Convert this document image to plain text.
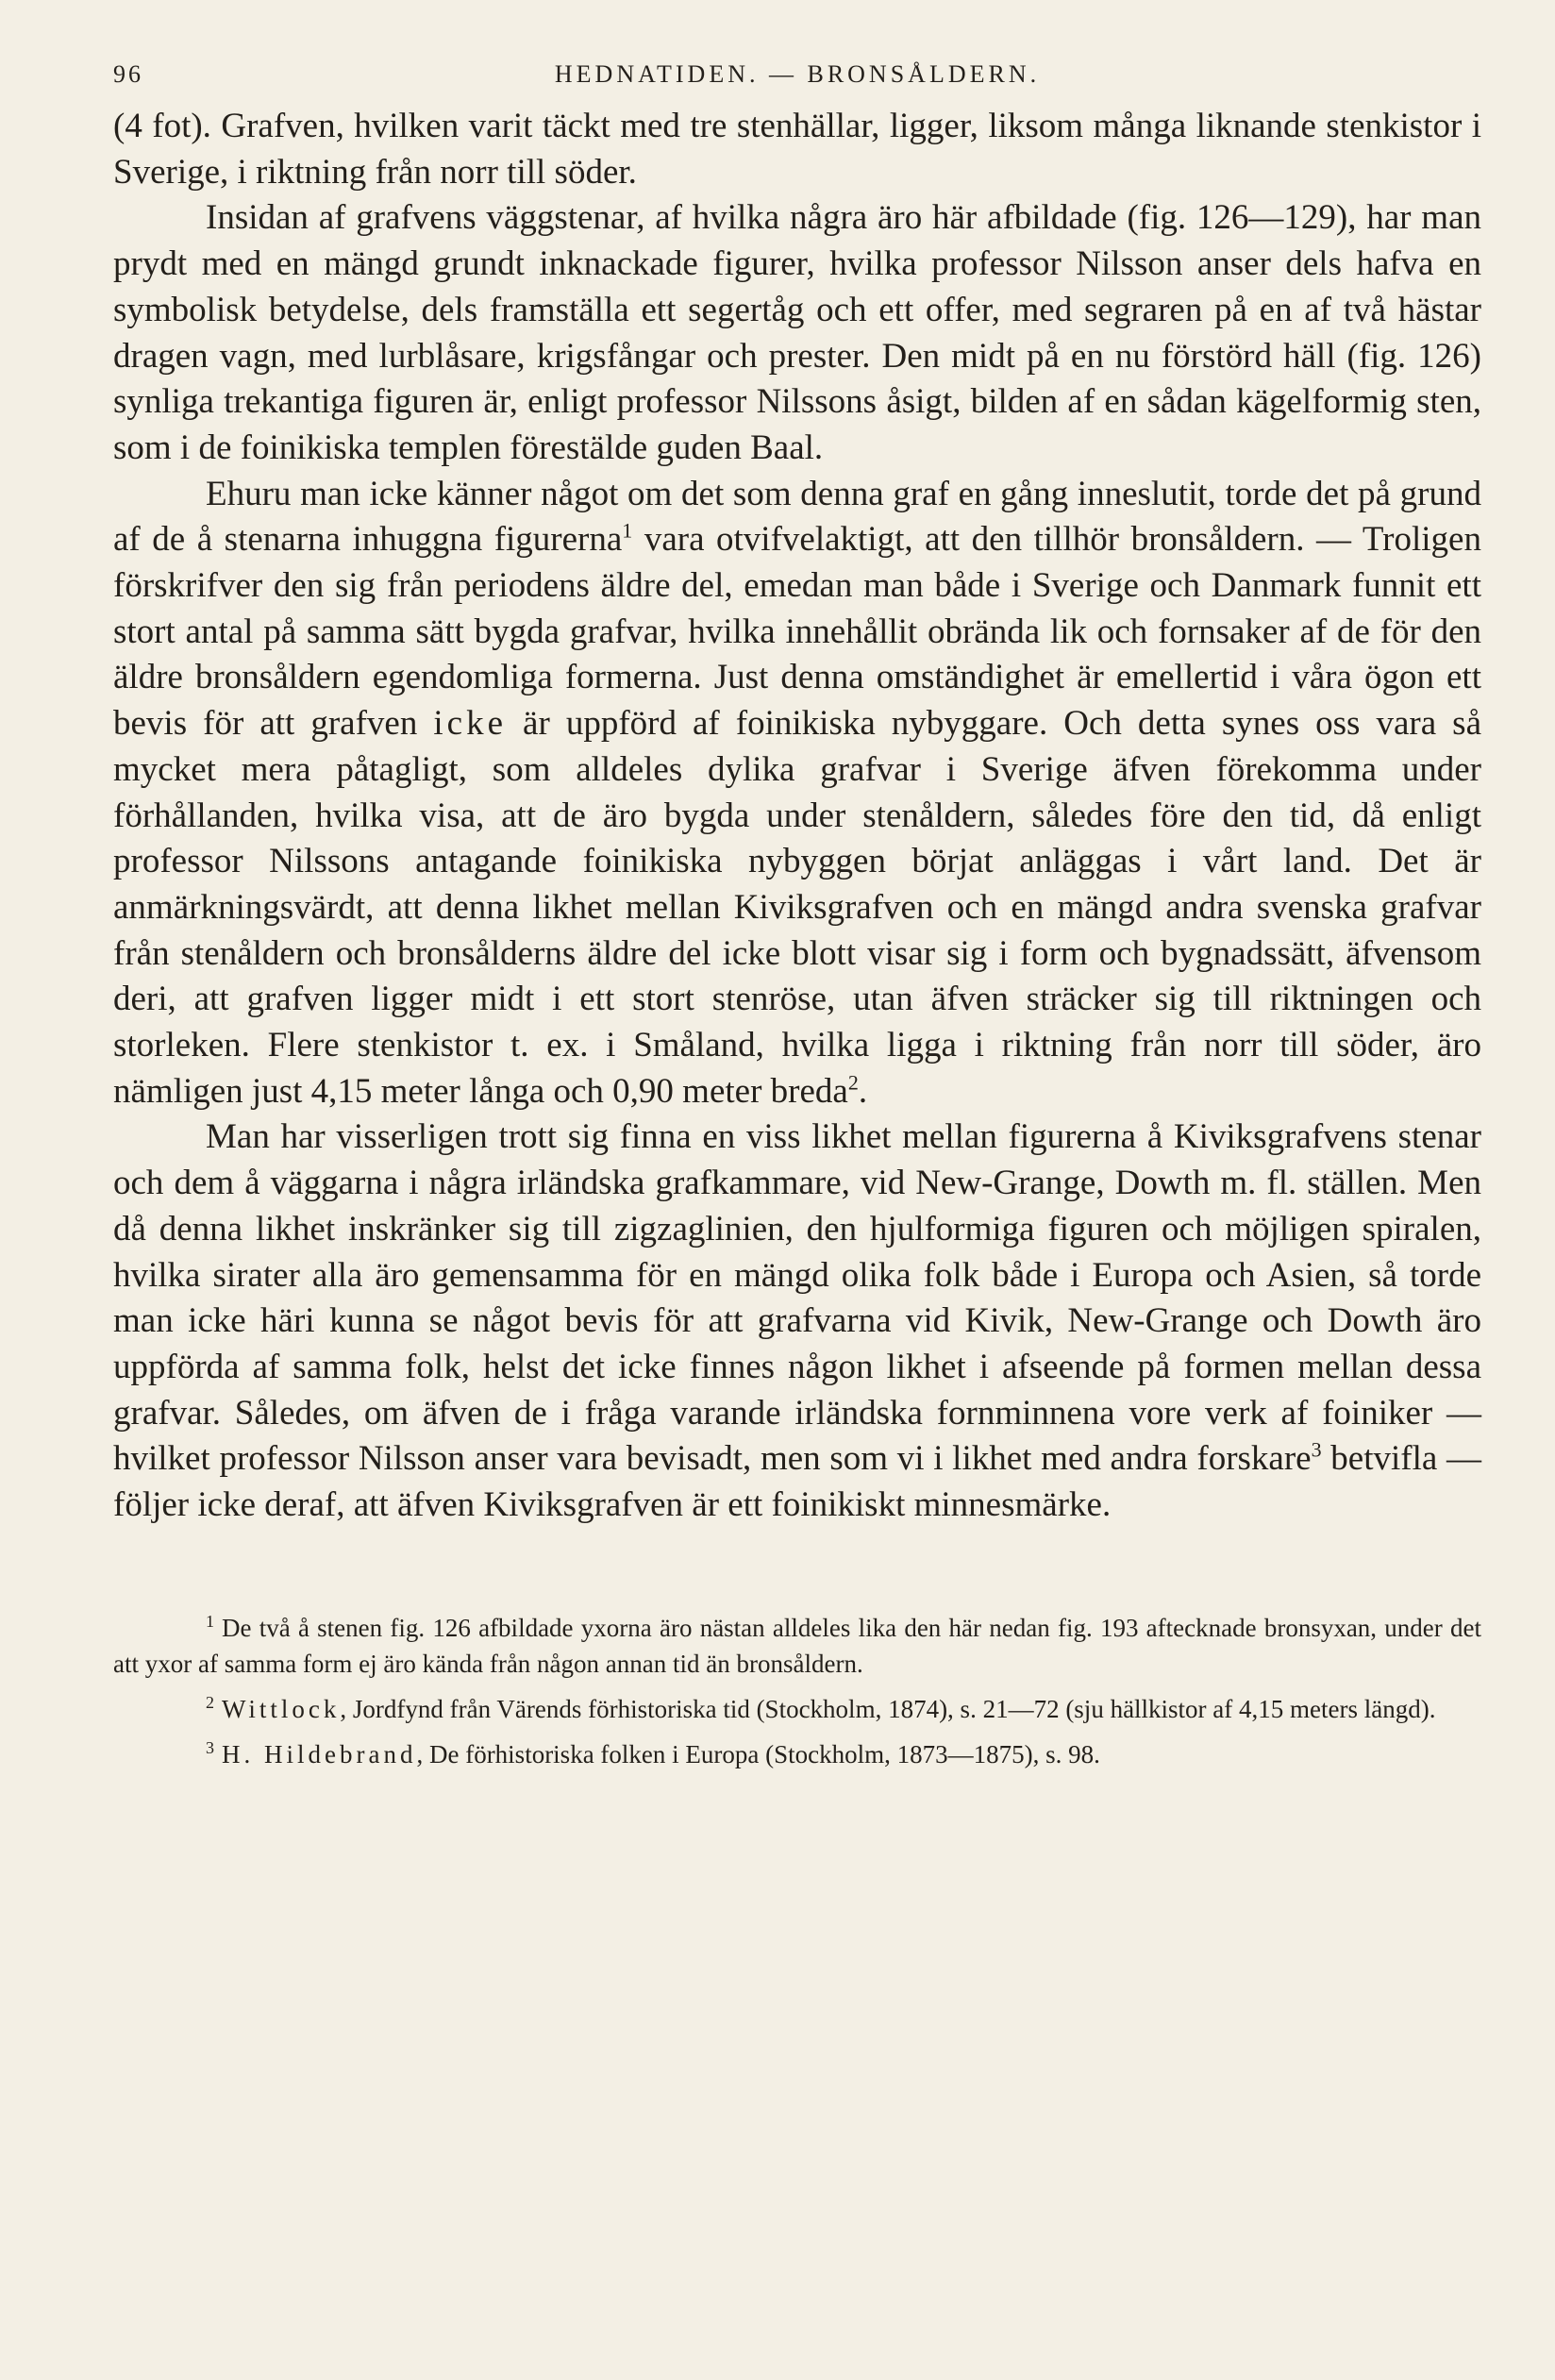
96	HEDNATIDEN. — BRONSÅLDERN.

(4 fot). Grafven, hvilken varit täckt med tre stenhällar, ligger, liksom många liknande stenkistor i Sverige, i riktning från norr till söder.

Insidan af grafvens väggstenar, af hvilka några äro här afbildade (fig. 126—129), har man prydt med en mängd grundt inknackade figurer, hvilka professor Nilsson anser dels hafva en symbolisk betydelse, dels framställa ett segertåg och ett offer, med segraren på en af två hästar dragen vagn, med lurblåsare, krigsfångar och prester. Den midt på en nu förstörd häll (fig. 126) synliga trekantiga figuren är, enligt professor Nilssons åsigt, bilden af en sådan kägelformig sten, som i de foinikiska templen förestälde guden Baal.

Ehuru man icke känner något om det som denna graf en gång inneslutit, torde det på grund af de å stenarna inhuggna figurerna$^1$ vara otvifvelaktigt, att den tillhör bronsåldern. — Troligen förskrifver den sig från periodens äldre del, emedan man både i Sverige och Danmark funnit ett stort antal på samma sätt bygda grafvar, hvilka innehållit obrända lik och fornsaker af de för den äldre bronsåldern egendomliga formerna. Just denna omständighet är emellertid i våra ögon ett bevis för att grafven icke är uppförd af foinikiska nybyggare. Och detta synes oss vara så mycket mera påtagligt, som alldeles dylika grafvar i Sverige äfven förekomma under förhållanden, hvilka visa, att de äro bygda under stenåldern, således före den tid, då enligt professor Nilssons antagande foinikiska nybyggen börjat anläggas i vårt land. Det är anmärkningsvärdt, att denna likhet mellan Kiviksgrafven och en mängd andra svenska grafvar från stenåldern och bronsålderns äldre del icke blott visar sig i form och bygnadssätt, äfvensom deri, att grafven ligger midt i ett stort stenröse, utan äfven sträcker sig till riktningen och storleken. Flere stenkistor t. ex. i Småland, hvilka ligga i riktning från norr till söder, äro nämligen just 4,15 meter långa och 0,90 meter breda$^2$.

Man har visserligen trott sig finna en viss likhet mellan figurerna å Kiviksgrafvens stenar och dem å väggarna i några irländska grafkammare, vid New-Grange, Dowth m. fl. ställen. Men då denna likhet inskränker sig till zigzaglinien, den hjulformiga figuren och möjligen spiralen, hvilka sirater alla äro gemensamma för en mängd olika folk både i Europa och Asien, så torde man icke häri kunna se något bevis för att grafvarna vid Kivik, New-Grange och Dowth äro uppförda af samma folk, helst det icke finnes någon likhet i afseende på formen mellan dessa grafvar. Således, om äfven de i fråga varande irländska fornminnena vore verk af foiniker — hvilket professor Nilsson anser vara bevisadt, men som vi i likhet med andra forskare$^3$ betvifla — följer icke deraf, att äfven Kiviksgrafven är ett foinikiskt minnesmärke.

$^1$ De två å stenen fig. 126 afbildade yxorna äro nästan alldeles lika den här nedan fig. 193 aftecknade bronsyxan, under det att yxor af samma form ej äro kända från någon annan tid än bronsåldern.

$^2$ Wittlock, Jordfynd från Värends förhistoriska tid (Stockholm, 1874), s. 21—72 (sju hällkistor af 4,15 meters längd).

$^3$ H. Hildebrand, De förhistoriska folken i Europa (Stockholm, 1873—1875), s. 98.
